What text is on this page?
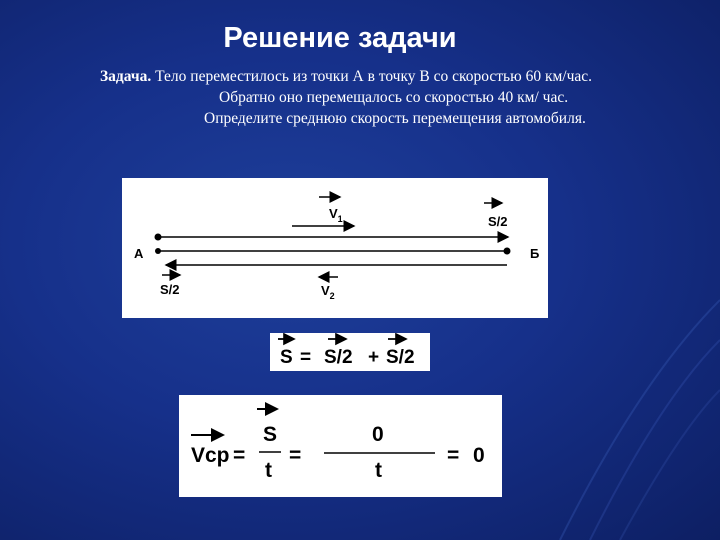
Решение задачи
Задача. Тело переместилось из точки А в точку В со скоростью 60 км/час.
Обратно оно перемещалось со скоростью 40 км/ час.
Определите среднюю скорость перемещения автомобиля.
$V_1$	S/2
А	Б
S/2	$V_2$
S = S/2 + S/2
Vср =
S
t
=
0
t
= 0
